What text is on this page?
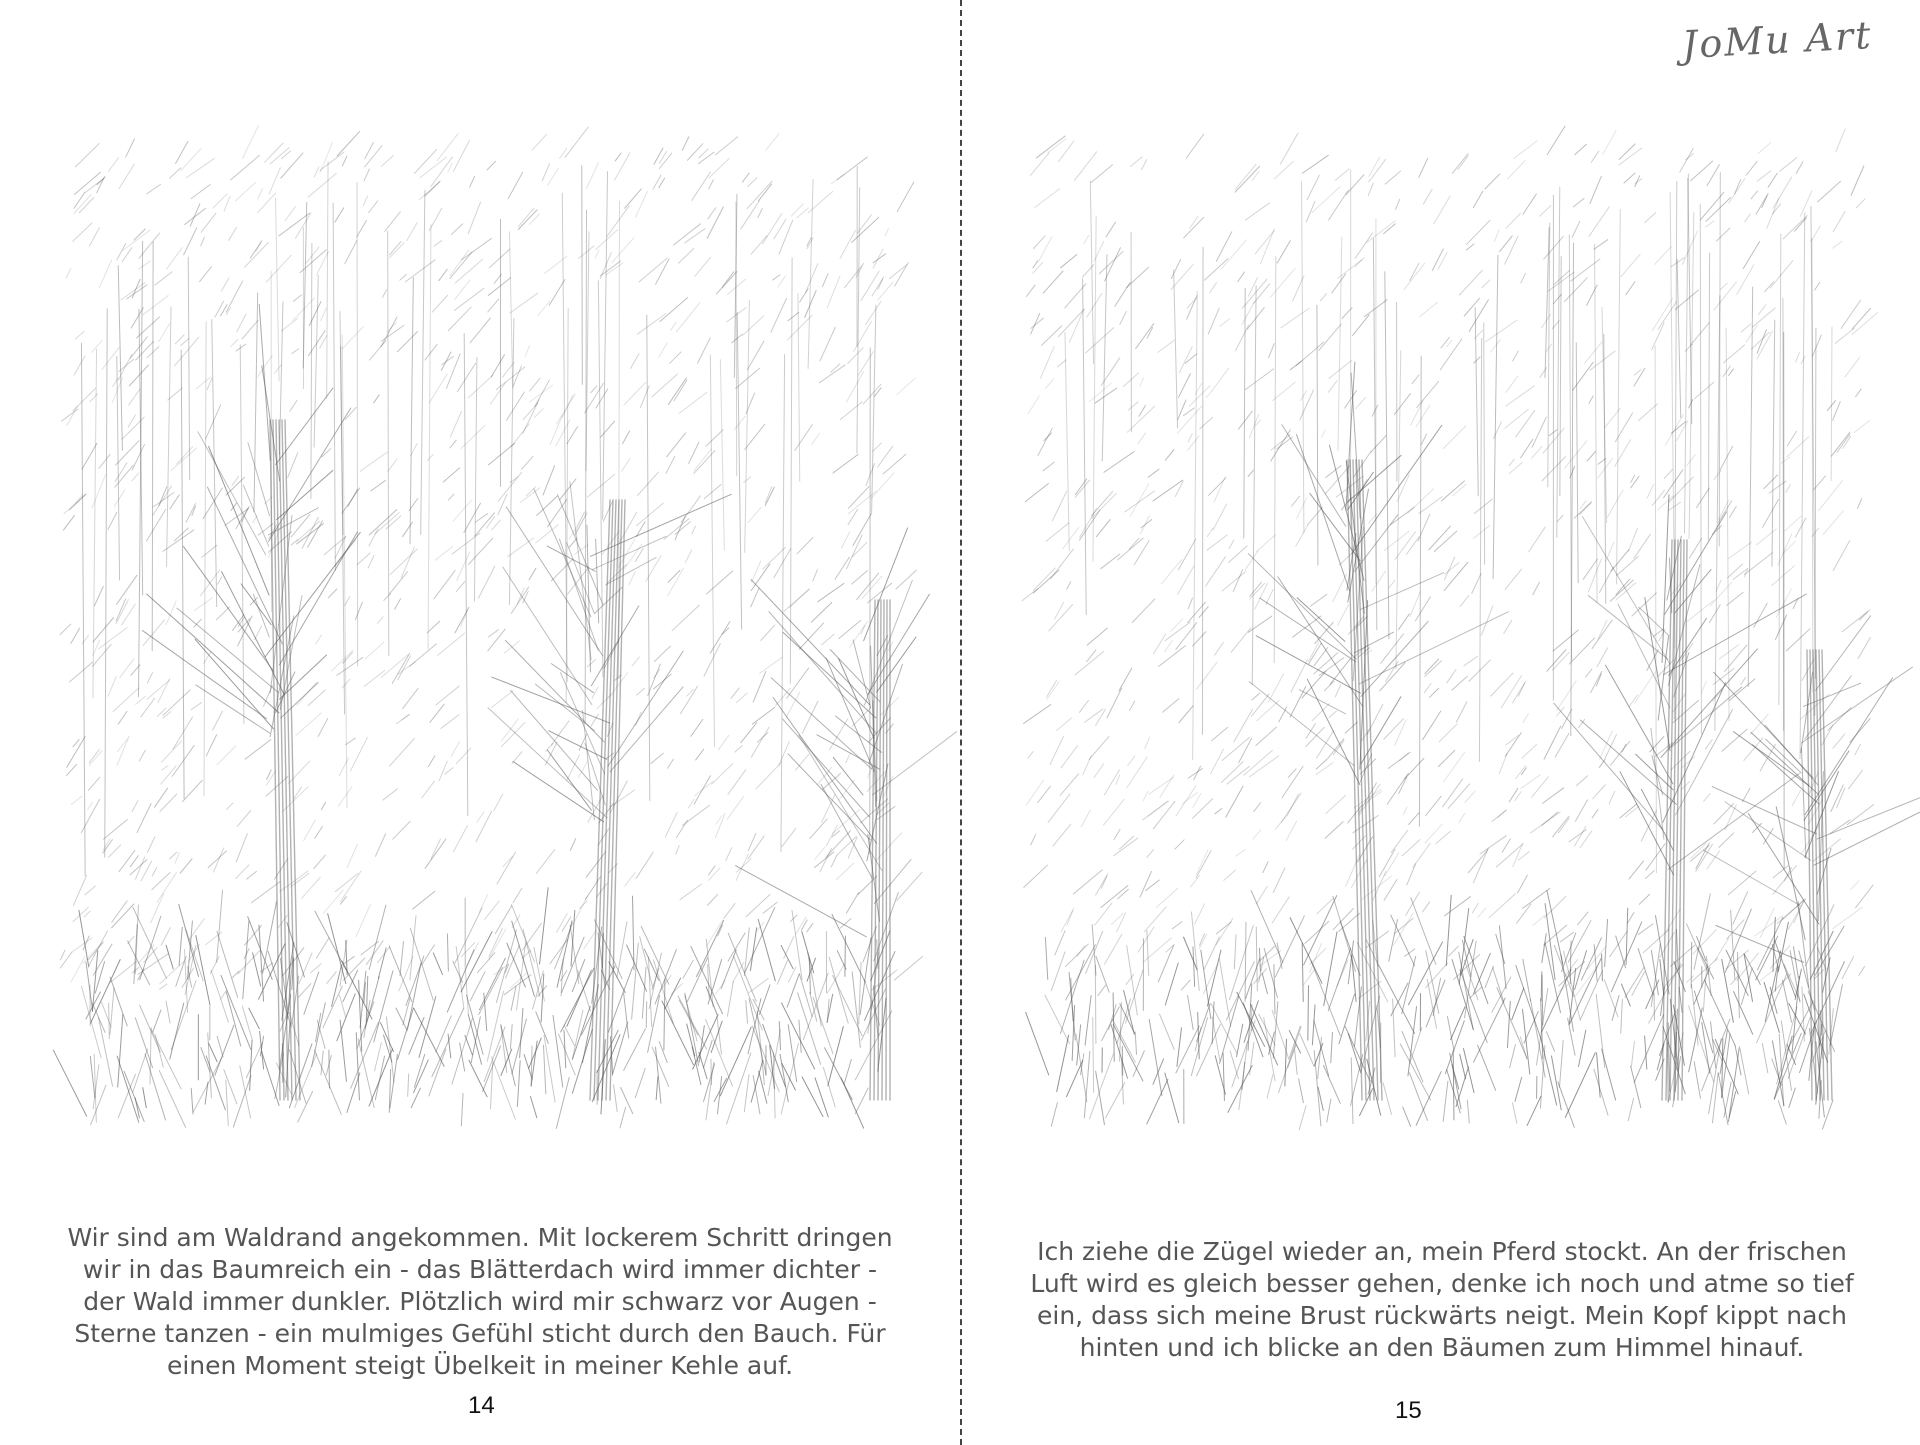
Wir sind am Waldrand angekommen. Mit lockerem Schritt dringen
wir in das Baumreich ein - das Blätterdach wird immer dichter -
der Wald immer dunkler. Plötzlich wird mir schwarz vor Augen -
Sterne tanzen - ein mulmiges Gefühl sticht durch den Bauch. Für
einen Moment steigt Übelkeit in meiner Kehle auf.
14
Ich ziehe die Zügel wieder an, mein Pferd stockt. An der frischen
Luft wird es gleich besser gehen, denke ich noch und atme so tief
ein, dass sich meine Brust rückwärts neigt. Mein Kopf kippt nach
hinten und ich blicke an den Bäumen zum Himmel hinauf.
15
JoMu Art
